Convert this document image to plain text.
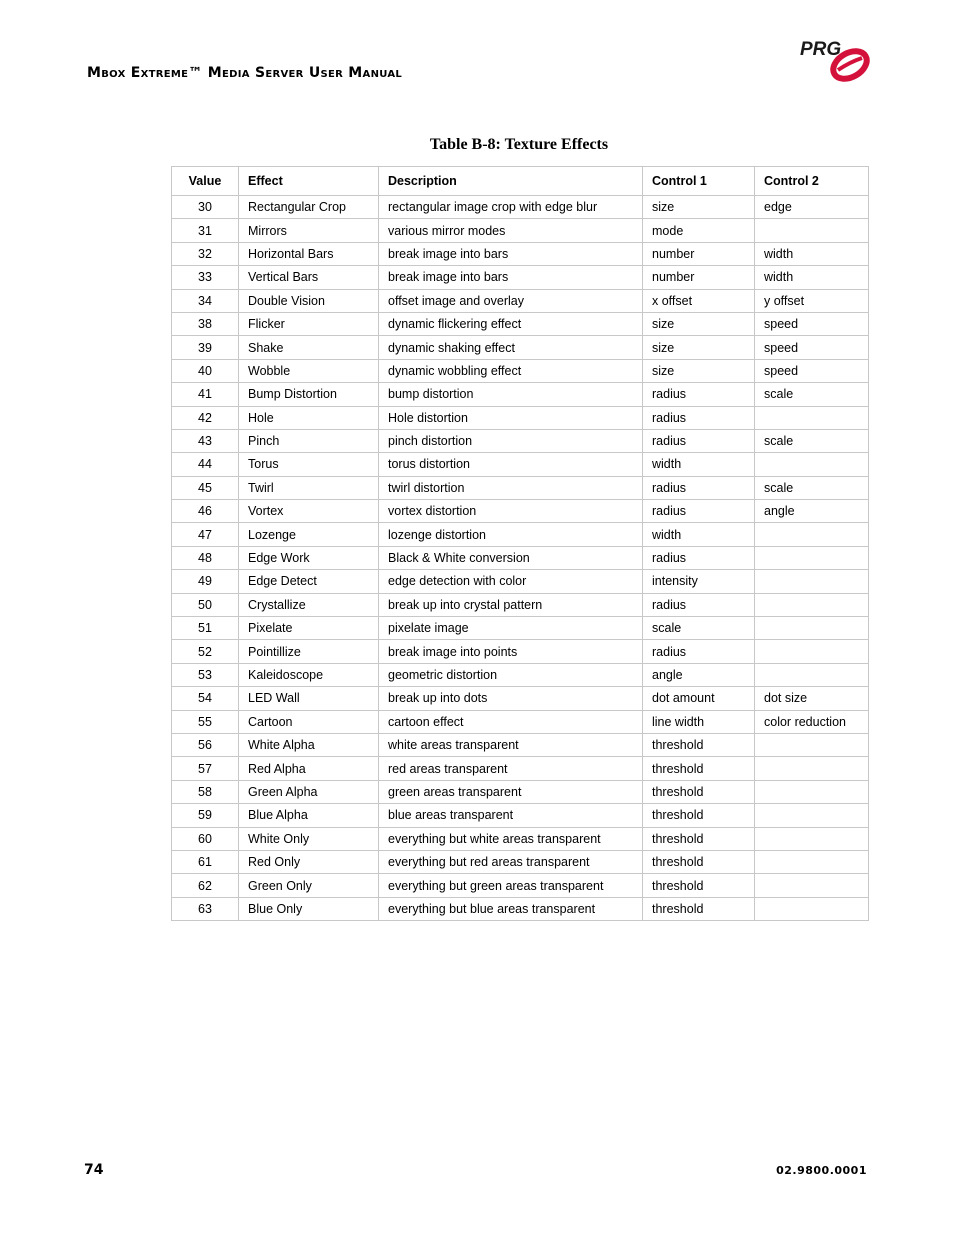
Mbox Extreme™ Media Server User Manual
PRG
Table B-8: Texture Effects
Value	Effect	Description	Control 1	Control 2
30	Rectangular Crop	rectangular image crop with edge blur	size	edge
31	Mirrors	various mirror modes	mode	
32	Horizontal Bars	break image into bars	number	width
33	Vertical Bars	break image into bars	number	width
34	Double Vision	offset image and overlay	x offset	y offset
38	Flicker	dynamic flickering effect	size	speed
39	Shake	dynamic shaking effect	size	speed
40	Wobble	dynamic wobbling effect	size	speed
41	Bump Distortion	bump distortion	radius	scale
42	Hole	Hole distortion	radius	
43	Pinch	pinch distortion	radius	scale
44	Torus	torus distortion	width	
45	Twirl	twirl distortion	radius	scale
46	Vortex	vortex distortion	radius	angle
47	Lozenge	lozenge distortion	width	
48	Edge Work	Black & White conversion	radius	
49	Edge Detect	edge detection with color	intensity	
50	Crystallize	break up into crystal pattern	radius	
51	Pixelate	pixelate image	scale	
52	Pointillize	break image into points	radius	
53	Kaleidoscope	geometric distortion	angle	
54	LED Wall	break up into dots	dot amount	dot size
55	Cartoon	cartoon effect	line width	color reduction
56	White Alpha	white areas transparent	threshold	
57	Red Alpha	red areas transparent	threshold	
58	Green Alpha	green areas transparent	threshold	
59	Blue Alpha	blue areas transparent	threshold	
60	White Only	everything but white areas transparent	threshold	
61	Red Only	everything but red areas transparent	threshold	
62	Green Only	everything but green areas transparent	threshold	
63	Blue Only	everything but blue areas transparent	threshold	
74	02.9800.0001
